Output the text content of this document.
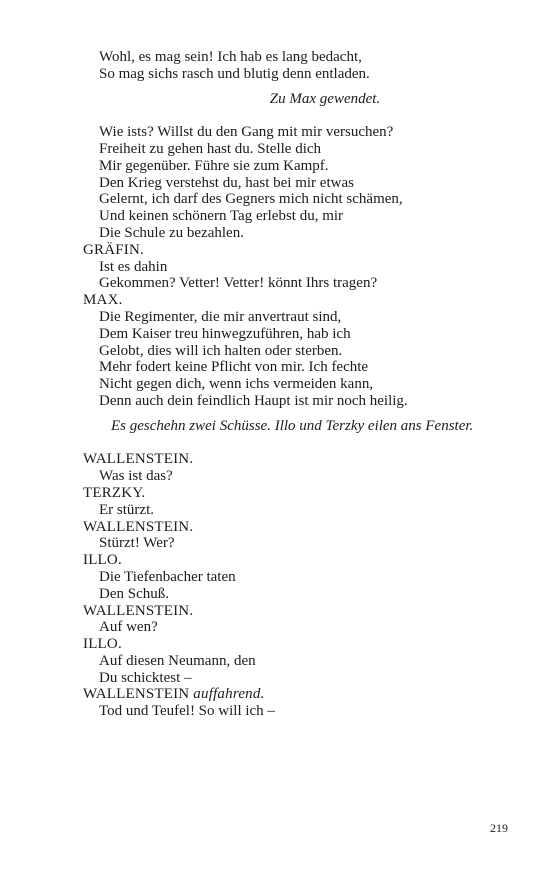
Wohl, es mag sein! Ich hab es lang bedacht,
So mag sichs rasch und blutig denn entladen.
Zu Max gewendet.
Wie ists? Willst du den Gang mit mir versuchen?
Freiheit zu gehen hast du. Stelle dich
Mir gegenüber. Führe sie zum Kampf.
Den Krieg verstehst du, hast bei mir etwas
Gelernt, ich darf des Gegners mich nicht schämen,
Und keinen schönern Tag erlebst du, mir
Die Schule zu bezahlen.
GRÄFIN.
Ist es dahin
Gekommen? Vetter! Vetter! könnt Ihrs tragen?
MAX.
Die Regimenter, die mir anvertraut sind,
Dem Kaiser treu hinwegzuführen, hab ich
Gelobt, dies will ich halten oder sterben.
Mehr fodert keine Pflicht von mir. Ich fechte
Nicht gegen dich, wenn ichs vermeiden kann,
Denn auch dein feindlich Haupt ist mir noch heilig.
Es geschehn zwei Schüsse. Illo und Terzky eilen ans Fenster.
WALLENSTEIN.
Was ist das?
TERZKY.
Er stürzt.
WALLENSTEIN.
Stürzt! Wer?
ILLO.
Die Tiefenbacher taten
Den Schuß.
WALLENSTEIN.
Auf wen?
ILLO.
Auf diesen Neumann, den
Du schicktest –
WALLENSTEIN auffahrend.
Tod und Teufel! So will ich –
219
